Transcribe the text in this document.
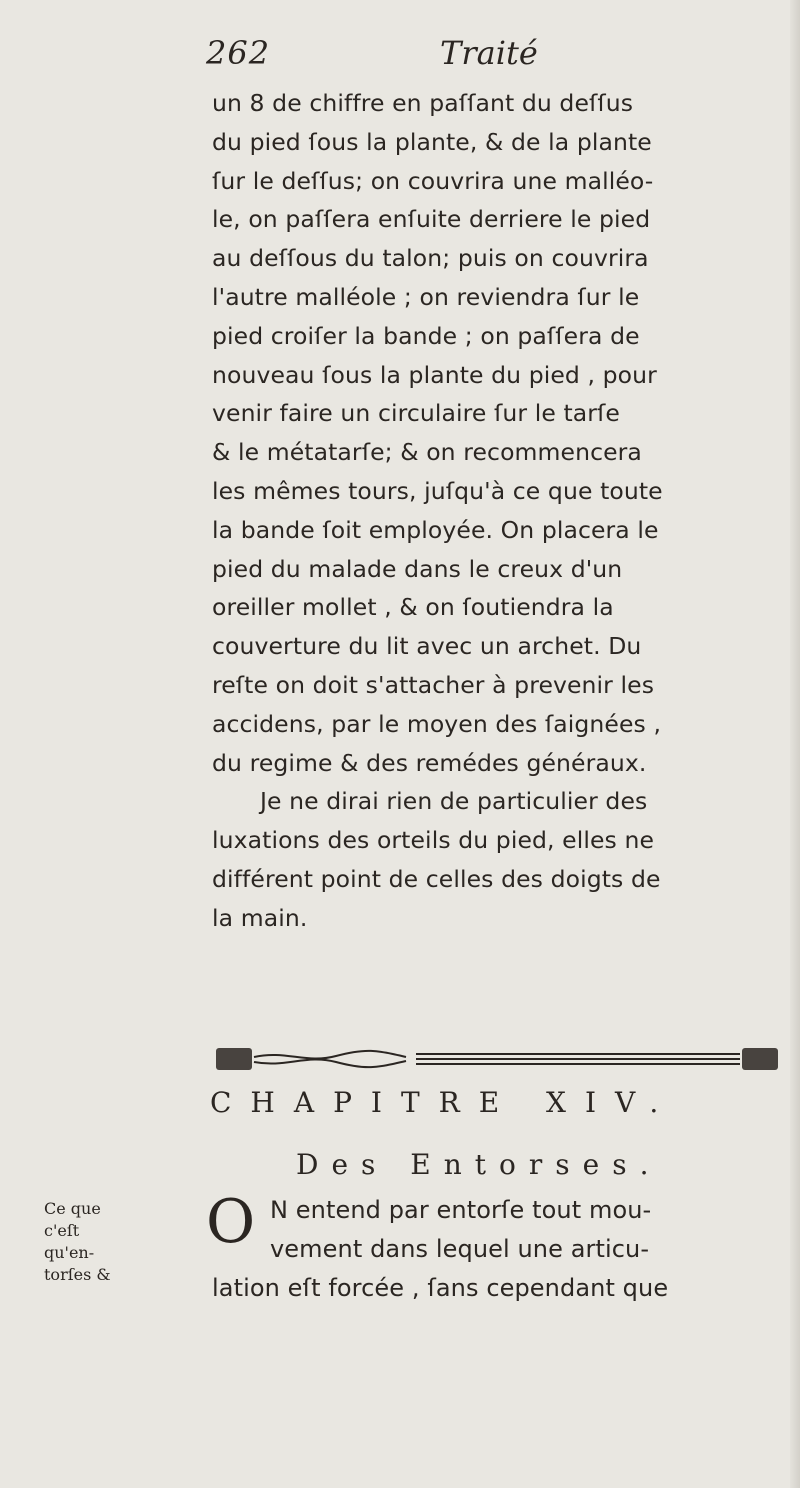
262	Traité
un 8 de chiffre en paſſant du deſſus
du pied ſous la plante, & de la plante
ſur le deſſus; on couvrira une malléo-
le, on paſſera enſuite derriere le pied
au deſſous du talon; puis on couvrira
l'autre malléole ; on reviendra ſur le
pied croiſer la bande ; on paſſera de
nouveau ſous la plante du pied , pour
venir faire un circulaire ſur le tarſe
& le métatarſe; & on recommencera
les mêmes tours, juſqu'à ce que toute
la bande ſoit employée. On placera le
pied du malade dans le creux d'un
oreiller mollet , & on ſoutiendra la
couverture du lit avec un archet. Du
reſte on doit s'attacher à prevenir les
accidens, par le moyen des ſaignées ,
du regime & des remédes généraux.
Je ne dirai rien de particulier des
luxations des orteils du pied, elles ne
différent point de celles des doigts de
la main.
CHAPITRE XIV.
Des Entorses.
Ce que
c'eſt
qu'en-
torſes &
O N entend par entorſe tout mou-
vement dans lequel une articu-
lation eſt forcée , ſans cependant que
